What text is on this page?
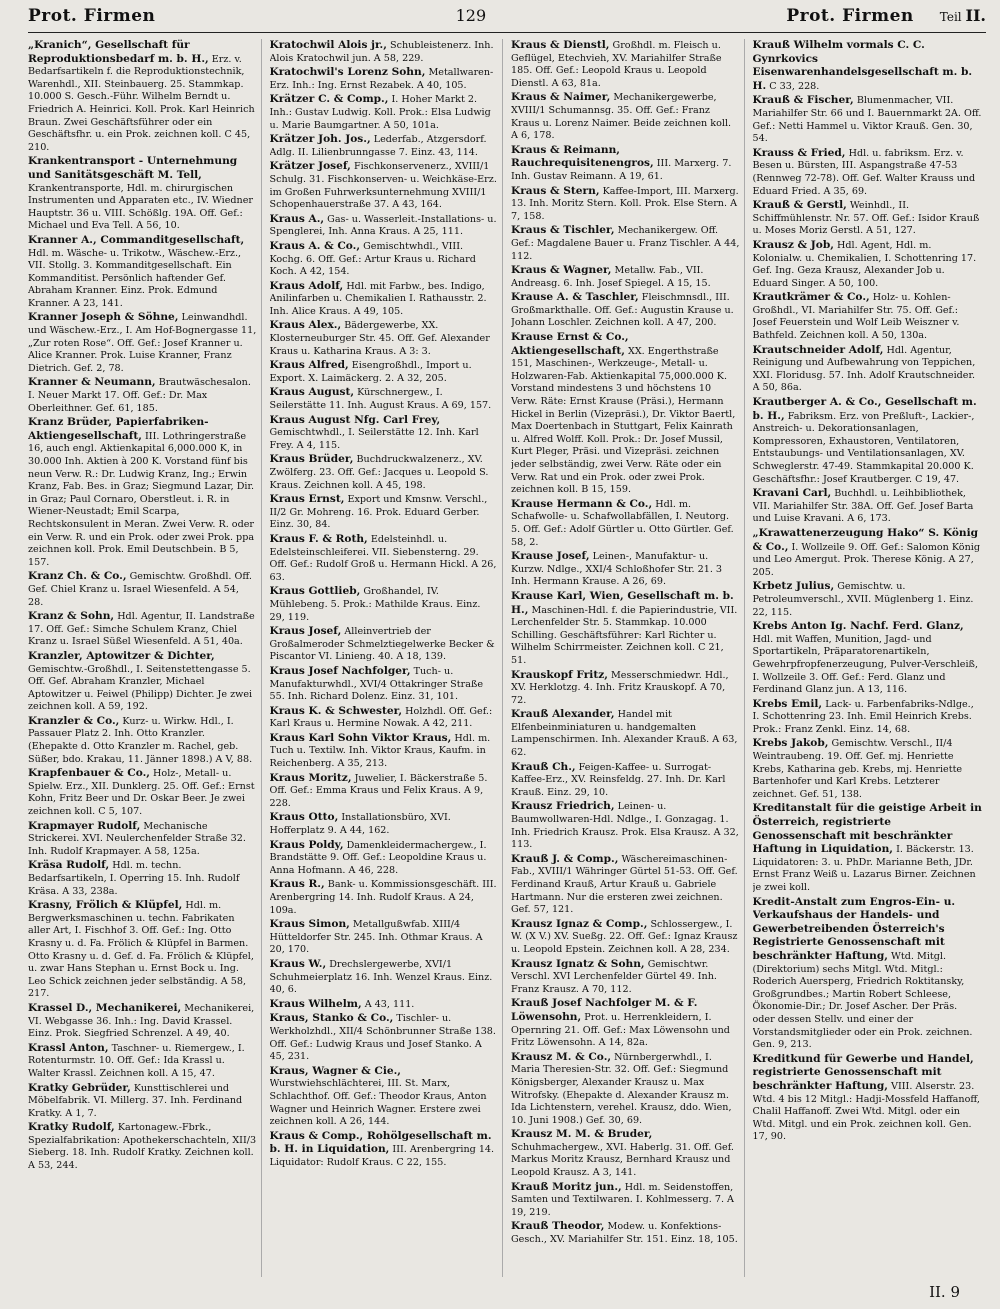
Prot. Firmen	129	Prot. Firmen Teil II.

„Kranich“, Gesellschaft für Reproduktionsbedarf m. b. H., Erz. v. Bedarfsartikeln f. die Reproduktionstechnik, Warenhdl., XII. Steinbauerg. 25. Stammkap. 10.000 S. Gesch.-Führ. Wilhelm Berndt u. Friedrich A. Heinrici. Koll. Prok. Karl Heinrich Braun. Zwei Geschäftsführer oder ein Geschäftsfhr. u. ein Prok. zeichnen koll. C 45, 210.

Krankentransport - Unternehmung und Sanitätsgeschäft M. Tell, Krankentransporte, Hdl. m. chirurgischen Instrumenten und Apparaten etc., IV. Wiedner Hauptstr. 36 u. VIII. Schößlg. 19A. Off. Gef.: Michael und Eva Tell. A 56, 10.

Kranner A., Commanditgesellschaft, Hdl. m. Wäsche- u. Trikotw., Wäschew.-Erz., VII. Stollg. 3. Kommanditgesellschaft. Ein Kommanditist. Persönlich haftender Gef. Abraham Kranner. Einz. Prok. Edmund Kranner. A 23, 141.

Kranner Joseph & Söhne, Leinwandhdl. und Wäschew.-Erz., I. Am Hof-Bognergasse 11, „Zur roten Rose“. Off. Gef.: Josef Kranner u. Alice Kranner. Prok. Luise Kranner, Franz Dietrich. Gef. 2, 78.

Kranner & Neumann, Brautwäschesalon. I. Neuer Markt 17. Off. Gef.: Dr. Max Oberleithner. Gef. 61, 185.

Kranz Brüder, Papierfabriken-Aktiengesellschaft, III. Lothringerstraße 16, auch engl. Aktienkapital 6,000.000 K, in 30.000 Inh. Aktien à 200 K. Vorstand fünf bis neun Verw. R.: Dr. Ludwig Kranz, Ing.; Erwin Kranz, Fab. Bes. in Graz; Siegmund Lazar, Dir. in Graz; Paul Cornaro, Oberstleut. i. R. in Wiener-Neustadt; Emil Scarpa, Rechtskonsulent in Meran. Zwei Verw. R. oder ein Verw. R. und ein Prok. oder zwei Prok. ppa zeichnen koll. Prok. Emil Deutschbein. B 5, 157.

Kranz Ch. & Co., Gemischtw. Großhdl. Off. Gef. Chiel Kranz u. Israel Wiesenfeld. A 54, 28.

Kranz & Sohn, Hdl. Agentur, II. Landstraße 17. Off. Gef.: Simche Schulem Kranz, Chiel Kranz u. Israel Süßel Wiesenfeld. A 51, 40a.

Kranzler, Aptowitzer & Dichter, Gemischtw.-Großhdl., I. Seitenstettengasse 5. Off. Gef. Abraham Kranzler, Michael Aptowitzer u. Feiwel (Philipp) Dichter. Je zwei zeichnen koll. A 59, 192.

Kranzler & Co., Kurz- u. Wirkw. Hdl., I. Passauer Platz 2. Inh. Otto Kranzler. (Ehepakte d. Otto Kranzler m. Rachel, geb. Süßer, bdo. Krakau, 11. Jänner 1898.) A V, 88.

Krapfenbauer & Co., Holz-, Metall- u. Spielw. Erz., XII. Dunklerg. 25. Off. Gef.: Ernst Kohn, Fritz Beer und Dr. Oskar Beer. Je zwei zeichnen koll. C 5, 107.

Krapmayer Rudolf, Mechanische Strickerei. XVI. Neulerchenfelder Straße 32. Inh. Rudolf Krapmayer. A 58, 125a.

Kräsa Rudolf, Hdl. m. techn. Bedarfsartikeln, I. Operring 15. Inh. Rudolf Kräsa. A 33, 238a.

Krasny, Frölich & Klüpfel, Hdl. m. Bergwerksmaschinen u. techn. Fabrikaten aller Art, I. Fischhof 3. Off. Gef.: Ing. Otto Krasny u. d. Fa. Frölich & Klüpfel in Barmen. Otto Krasny u. d. Gef. d. Fa. Frölich & Klüpfel, u. zwar Hans Stephan u. Ernst Bock u. Ing. Leo Schick zeichnen jeder selbständig. A 58, 217.

Krassel D., Mechanikerei, Mechanikerei, VI. Webgasse 36. Inh.: Ing. David Krassel. Einz. Prok. Siegfried Schrenzel. A 49, 40.

Krassl Anton, Taschner- u. Riemergew., I. Rotenturmstr. 10. Off. Gef.: Ida Krassl u. Walter Krassl. Zeichnen koll. A 15, 47.

Kratky Gebrüder, Kunsttischlerei und Möbelfabrik. VI. Millerg. 37. Inh. Ferdinand Kratky. A 1, 7.

Kratky Rudolf, Kartonagew.-Fbrk., Spezialfabrikation: Apothekerschachteln, XII/3 Sieberg. 18. Inh. Rudolf Kratky. Zeichnen koll. A 53, 244.

Kratochwil Alois jr., Schubleistenerz. Inh. Alois Kratochwil jun. A 58, 229.

Kratochwil's Lorenz Sohn, Metallwaren-Erz. Inh.: Ing. Ernst Rezabek. A 40, 105.

Krätzer C. & Comp., I. Hoher Markt 2. Inh.: Gustav Ludwig. Koll. Prok.: Elsa Ludwig u. Marie Baumgartner. A 50, 101a.

Krätzer Joh. Jos., Lederfab., Atzgersdorf. Adlg. II. Lilienbrunngasse 7. Einz. 43, 114.

Krätzer Josef, Fischkonservenerz., XVIII/1 Schulg. 31. Fischkonserven- u. Weichkäse-Erz. im Großen Fuhrwerksunternehmung XVIII/1 Schopenhauerstraße 37. A 43, 164.

Kraus A., Gas- u. Wasserleit.-Installations- u. Spenglerei, Inh. Anna Kraus. A 25, 111.

Kraus A. & Co., Gemischtwhdl., VIII. Kochg. 6. Off. Gef.: Artur Kraus u. Richard Koch. A 42, 154.

Kraus Adolf, Hdl. mit Farbw., bes. Indigo, Anilinfarben u. Chemikalien I. Rathausstr. 2. Inh. Alice Kraus. A 49, 105.

Kraus Alex., Bädergewerbe, XX. Klosterneuburger Str. 45. Off. Gef. Alexander Kraus u. Katharina Kraus. A 3: 3.

Kraus Alfred, Eisengroßhdl., Import u. Export. X. Laimäckerg. 2. A 32, 205.

Kraus August, Kürschnergew., I. Seilerstätte 11. Inh. August Kraus. A 69, 157.

Kraus August Nfg. Carl Frey, Gemischtwhdl., I. Seilerstätte 12. Inh. Karl Frey. A 4, 115.

Kraus Brüder, Buchdruckwalzenerz., XV. Zwölferg. 23. Off. Gef.: Jacques u. Leopold S. Kraus. Zeichnen koll. A 45, 198.

Kraus Ernst, Export und Kmsnw. Verschl., II/2 Gr. Mohreng. 16. Prok. Eduard Gerber. Einz. 30, 84.

Kraus F. & Roth, Edelsteinhdl. u. Edelsteinschleiferei. VII. Siebensterng. 29. Off. Gef.: Rudolf Groß u. Hermann Hickl. A 26, 63.

Kraus Gottlieb, Großhandel, IV. Mühlebeng. 5. Prok.: Mathilde Kraus. Einz. 29, 119.

Kraus Josef, Alleinvertrieb der Großalmeroder Schmelztiegelwerke Becker & Piscantor VI. Linieng. 40. A 18, 139.

Kraus Josef Nachfolger, Tuch- u. Manufakturwhdl., XVI/4 Ottakringer Straße 55. Inh. Richard Dolenz. Einz. 31, 101.

Kraus K. & Schwester, Holzhdl. Off. Gef.: Karl Kraus u. Hermine Nowak. A 42, 211.

Kraus Karl Sohn Viktor Kraus, Hdl. m. Tuch u. Textilw. Inh. Viktor Kraus, Kaufm. in Reichenberg. A 35, 213.

Kraus Moritz, Juwelier, I. Bäckerstraße 5. Off. Gef.: Emma Kraus und Felix Kraus. A 9, 228.

Kraus Otto, Installationsbüro, XVI. Hofferplatz 9. A 44, 162.

Kraus Poldy, Damenkleidermachergew., I. Brandstätte 9. Off. Gef.: Leopoldine Kraus u. Anna Hofmann. A 46, 228.

Kraus R., Bank- u. Kommissionsgeschäft. III. Arenbergring 14. Inh. Rudolf Kraus. A 24, 109a.

Kraus Simon, Metallgußwfab. XIII/4 Hütteldorfer Str. 245. Inh. Othmar Kraus. A 20, 170.

Kraus W., Drechslergewerbe, XVI/1 Schuhmeierplatz 16. Inh. Wenzel Kraus. Einz. 40, 6.

Kraus Wilhelm, A 43, 111.

Kraus, Stanko & Co., Tischler- u. Werkholzhdl., XII/4 Schönbrunner Straße 138. Off. Gef.: Ludwig Kraus und Josef Stanko. A 45, 231.

Kraus, Wagner & Cie., Wurstwiehschlächterei, III. St. Marx, Schlachthof. Off. Gef.: Theodor Kraus, Anton Wagner und Heinrich Wagner. Erstere zwei zeichnen koll. A 26, 144.

Kraus & Comp., Rohölgesellschaft m. b. H. in Liquidation, III. Arenbergring 14. Liquidator: Rudolf Kraus. C 22, 155.

Kraus & Dienstl, Großhdl. m. Fleisch u. Geflügel, Etechvieh, XV. Mariahilfer Straße 185. Off. Gef.: Leopold Kraus u. Leopold Dienstl. A 63, 81a.

Kraus & Naimer, Mechanikergewerbe, XVIII/1 Schumannsg. 35. Off. Gef.: Franz Kraus u. Lorenz Naimer. Beide zeichnen koll. A 6, 178.

Kraus & Reimann, Rauchrequisitenengros, III. Marxerg. 7. Inh. Gustav Reimann. A 19, 61.

Kraus & Stern, Kaffee-Import, III. Marxerg. 13. Inh. Moritz Stern. Koll. Prok. Else Stern. A 7, 158.

Kraus & Tischler, Mechanikergew. Off. Gef.: Magdalene Bauer u. Franz Tischler. A 44, 112.

Kraus & Wagner, Metallw. Fab., VII. Andreasg. 6. Inh. Josef Spiegel. A 15, 15.

Krause A. & Taschler, Fleischmnsdl., III. Großmarkthalle. Off. Gef.: Augustin Krause u. Johann Loschler. Zeichnen koll. A 47, 200.

Krause Ernst & Co., Aktiengesellschaft, XX. Engerthstraße 151, Maschinen-, Werkzeuge-, Metall- u. Holzwaren-Fab. Aktienkapital 75,000.000 K. Vorstand mindestens 3 und höchstens 10 Verw. Räte: Ernst Krause (Präsi.), Hermann Hickel in Berlin (Vizepräsi.), Dr. Viktor Baertl, Max Doertenbach in Stuttgart, Felix Kainrath u. Alfred Wolff. Koll. Prok.: Dr. Josef Mussil, Kurt Pleger, Präsi. und Vizepräsi. zeichnen jeder selbständig, zwei Verw. Räte oder ein Verw. Rat und ein Prok. oder zwei Prok. zeichnen koll. B 15, 159.

Krause Hermann & Co., Hdl. m. Schafwolle- u. Schafwollabfällen, I. Neutorg. 5. Off. Gef.: Adolf Gürtler u. Otto Gürtler. Gef. 58, 2.

Krause Josef, Leinen-, Manufaktur- u. Kurzw. Ndlge., XXI/4 Schloßhofer Str. 21. 3 Inh. Hermann Krause. A 26, 69.

Krause Karl, Wien, Gesellschaft m. b. H., Maschinen-Hdl. f. die Papierindustrie, VII. Lerchenfelder Str. 5. Stammkap. 10.000 Schilling. Geschäftsführer: Karl Richter u. Wilhelm Schirrmeister. Zeichnen koll. C 21, 51.

Krauskopf Fritz, Messerschmiedwr. Hdl., XV. Herklotzg. 4. Inh. Fritz Krauskopf. A 70, 72.

Krauß Alexander, Handel mit Elfenbeinminiaturen u. handgemalten Lampenschirmen. Inh. Alexander Krauß. A 63, 62.

Krauß Ch., Feigen-Kaffee- u. Surrogat-Kaffee-Erz., XV. Reinsfeldg. 27. Inh. Dr. Karl Krauß. Einz. 29, 10.

Krausz Friedrich, Leinen- u. Baumwollwaren-Hdl. Ndlge., I. Gonzagag. 1. Inh. Friedrich Krausz. Prok. Elsa Krausz. A 32, 113.

Krauß J. & Comp., Wäschereimaschinen-Fab., XVIII/1 Währinger Gürtel 51-53. Off. Gef. Ferdinand Krauß, Artur Krauß u. Gabriele Hartmann. Nur die ersteren zwei zeichnen. Gef. 57, 121.

Krausz Ignaz & Comp., Schlossergew., I. W. (X V.) XV. Sueßg. 22. Off. Gef.: Ignaz Krausz u. Leopold Epstein. Zeichnen koll. A 28, 234.

Krausz Ignatz & Sohn, Gemischtwr. Verschl. XVI Lerchenfelder Gürtel 49. Inh. Franz Krausz. A 70, 112.

Krauß Josef Nachfolger M. & F. Löwensohn, Prot. u. Herrenkleidern, I. Opernring 21. Off. Gef.: Max Löwensohn und Fritz Löwensohn. A 14, 82a.

Krausz M. & Co., Nürnbergerwhdl., I. Maria Theresien-Str. 32. Off. Gef.: Siegmund Königsberger, Alexander Krausz u. Max Witrofsky. (Ehepakte d. Alexander Krausz m. Ida Lichtenstern, verehel. Krausz, ddo. Wien, 10. Juni 1908.) Gef. 30, 69.

Krausz M. M. & Bruder, Schuhmachergew., XVI. Haberlg. 31. Off. Gef. Markus Moritz Krausz, Bernhard Krausz und Leopold Krausz. A 3, 141.

Krauß Moritz jun., Hdl. m. Seidenstoffen, Samten und Textilwaren. I. Kohlmesserg. 7. A 19, 219.

Krauß Theodor, Modew. u. Konfektions-Gesch., XV. Mariahilfer Str. 151. Einz. 18, 105.

Krauß Wilhelm vormals C. C. Gynrkovics Eisenwarenhandelsgesellschaft m. b. H. C 33, 228.

Krauß & Fischer, Blumenmacher, VII. Mariahilfer Str. 66 und I. Bauernmarkt 2A. Off. Gef.: Netti Hammel u. Viktor Krauß. Gen. 30, 54.

Krauss & Fried, Hdl. u. fabriksm. Erz. v. Besen u. Bürsten, III. Aspangstraße 47-53 (Rennweg 72-78). Off. Gef. Walter Krauss und Eduard Fried. A 35, 69.

Krauß & Gerstl, Weinhdl., II. Schiffmühlenstr. Nr. 57. Off. Gef.: Isidor Krauß u. Moses Moriz Gerstl. A 51, 127.

Krausz & Job, Hdl. Agent, Hdl. m. Kolonialw. u. Chemikalien, I. Schottenring 17. Gef. Ing. Geza Krausz, Alexander Job u. Eduard Singer. A 50, 100.

Krautkrämer & Co., Holz- u. Kohlen-Großhdl., VI. Mariahilfer Str. 75. Off. Gef.: Josef Feuerstein und Wolf Leib Weiszner v. Bathfeld. Zeichnen koll. A 50, 130a.

Krautschneider Adolf, Hdl. Agentur, Reinigung und Aufbewahrung von Teppichen, XXI. Floridusg. 57. Inh. Adolf Krautschneider. A 50, 86a.

Krautberger A. & Co., Gesellschaft m. b. H., Fabriksm. Erz. von Preßluft-, Lackier-, Anstreich- u. Dekorationsanlagen, Kompressoren, Exhaustoren, Ventilatoren, Entstaubungs- und Ventilationsanlagen, XV. Schweglerstr. 47-49. Stammkapital 20.000 K. Geschäftsfhr.: Josef Krautberger. C 19, 47.

Kravani Carl, Buchhdl. u. Leihbibliothek, VII. Mariahilfer Str. 38A. Off. Gef. Josef Barta und Luise Kravani. A 6, 173.

„Krawattenerzeugung Hako“ S. König & Co., I. Wollzeile 9. Off. Gef.: Salomon König und Leo Amergut. Prok. Therese König. A 27, 205.

Krbetz Julius, Gemischtw. u. Petroleumverschl., XVII. Müglenberg 1. Einz. 22, 115.

Krebs Anton Ig. Nachf. Ferd. Glanz, Hdl. mit Waffen, Munition, Jagd- und Sportartikeln, Präparatorenartikeln, Gewehrpfropfenerzeugung, Pulver-Verschleiß, I. Wollzeile 3. Off. Gef.: Ferd. Glanz und Ferdinand Glanz jun. A 13, 116.

Krebs Emil, Lack- u. Farbenfabriks-Ndlge., I. Schottenring 23. Inh. Emil Heinrich Krebs. Prok.: Franz Zenkl. Einz. 14, 68.

Krebs Jakob, Gemischtw. Verschl., II/4 Weintraubeng. 19. Off. Gef. mj. Henriette Krebs, Katharina geb. Krebs, mj. Henriette Bartenhofer und Karl Krebs. Letzterer zeichnet. Gef. 51, 138.

Kreditanstalt für die geistige Arbeit in Österreich, registrierte Genossenschaft mit beschränkter Haftung in Liquidation, I. Bäckerstr. 13. Liquidatoren: 3. u. PhDr. Marianne Beth, JDr. Ernst Franz Weiß u. Lazarus Birner. Zeichnen je zwei koll.

Kredit-Anstalt zum Engros-Ein- u. Verkaufshaus der Handels- und Gewerbetreibenden Österreich's Registrierte Genossenschaft mit beschränkter Haftung, Wtd. Mitgl. (Direktorium) sechs Mitgl. Wtd. Mitgl.: Roderich Auersperg, Friedrich Roktitansky, Großgrundbes.; Martin Robert Schleese, Ökonomie-Dir.; Dr. Josef Ascher. Der Präs. oder dessen Stellv. und einer der Vorstandsmitglieder oder ein Prok. zeichnen. Gen. 9, 213.

Kreditkund für Gewerbe und Handel, registrierte Genossenschaft mit beschränkter Haftung, VIII. Alserstr. 23. Wtd. 4 bis 12 Mitgl.: Hadji-Mossfeld Haffanoff, Chalil Haffanoff. Zwei Wtd. Mitgl. oder ein Wtd. Mitgl. und ein Prok. zeichnen koll. Gen. 17, 90.

II. 9
